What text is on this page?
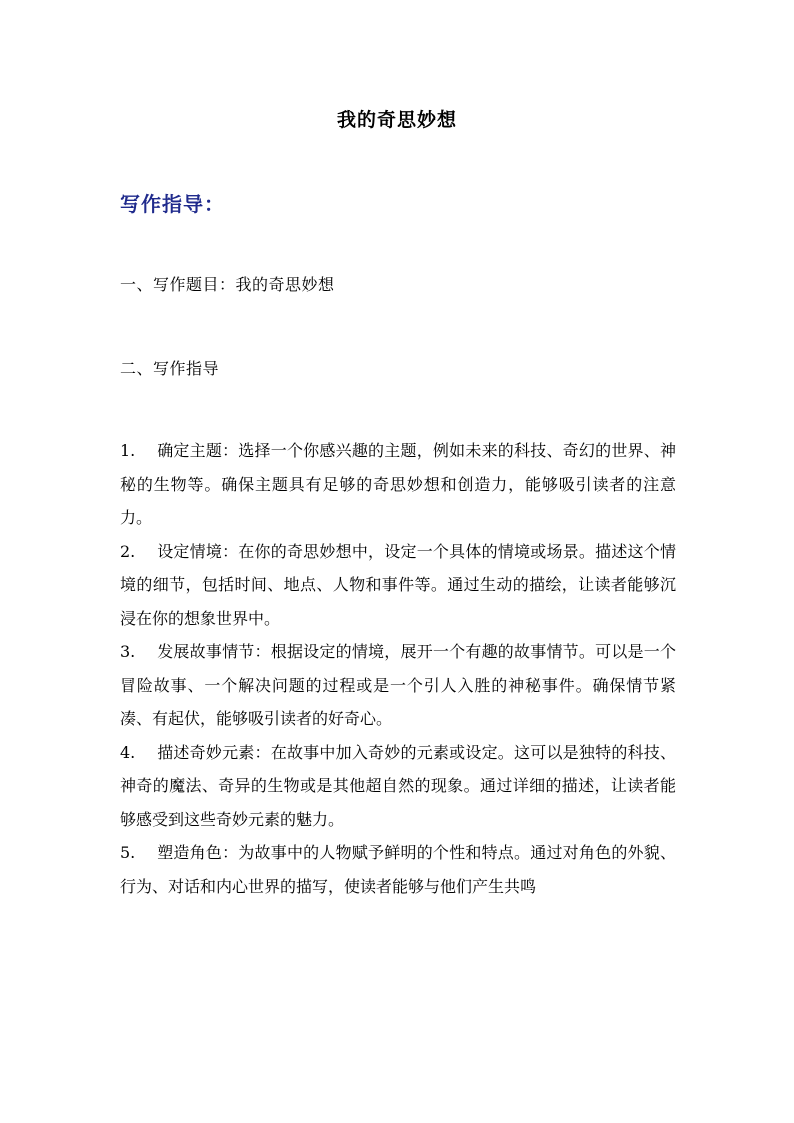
我的奇思妙想
写作指导：
一、写作题目：我的奇思妙想
二、写作指导

1. 确定主题：选择一个你感兴趣的主题，例如未来的科技、奇幻的世界、神秘的生物等。确保主题具有足够的奇思妙想和创造力，能够吸引读者的注意力。

2. 设定情境：在你的奇思妙想中，设定一个具体的情境或场景。描述这个情境的细节，包括时间、地点、人物和事件等。通过生动的描绘，让读者能够沉浸在你的想象世界中。

3. 发展故事情节：根据设定的情境，展开一个有趣的故事情节。可以是一个冒险故事、一个解决问题的过程或是一个引人入胜的神秘事件。确保情节紧凑、有起伏，能够吸引读者的好奇心。

4. 描述奇妙元素：在故事中加入奇妙的元素或设定。这可以是独特的科技、神奇的魔法、奇异的生物或是其他超自然的现象。通过详细的描述，让读者能够感受到这些奇妙元素的魅力。

5. 塑造角色：为故事中的人物赋予鲜明的个性和特点。通过对角色的外貌、行为、对话和内心世界的描写，使读者能够与他们产生共鸣
